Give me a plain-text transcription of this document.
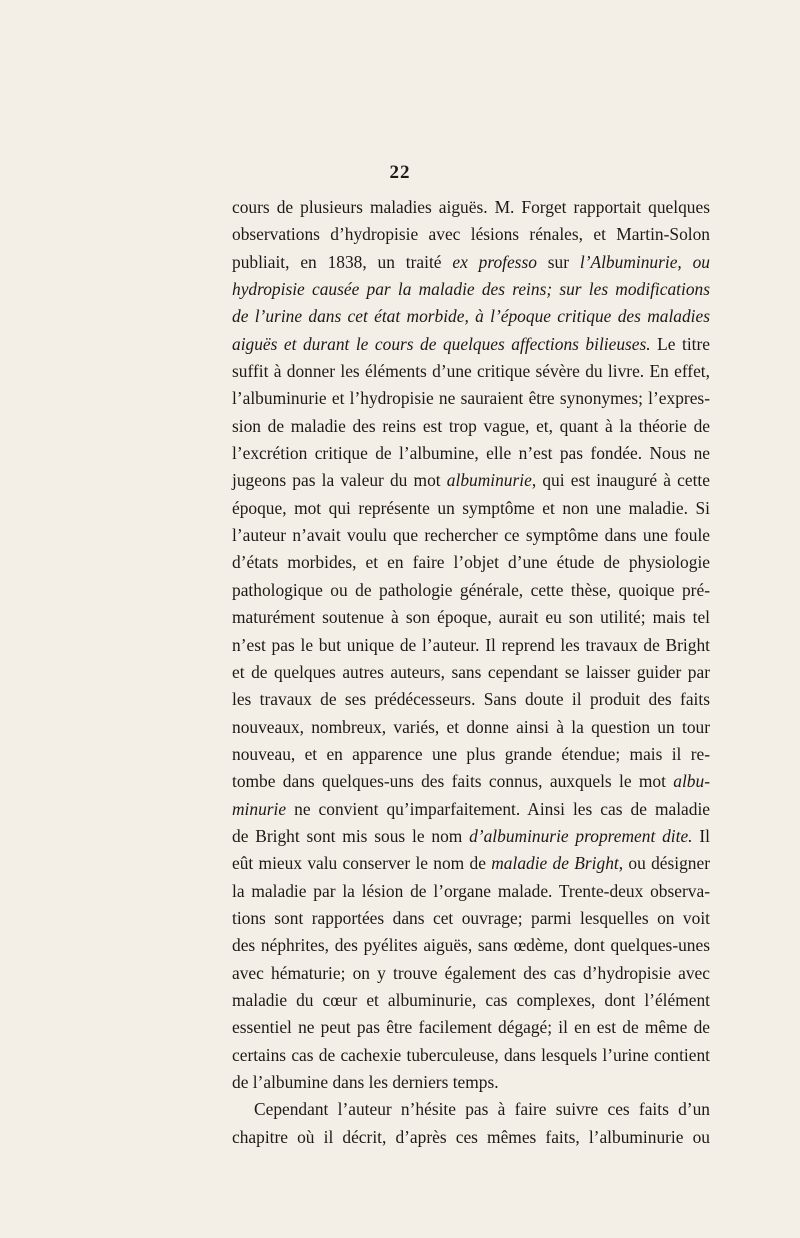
22
cours de plusieurs maladies aiguës. M. Forget rapportait quelques
observations d’hydropisie avec lésions rénales, et Martin-Solon
publiait, en 1838, un traité ex professo sur l’Albuminurie, ou
hydropisie causée par la maladie des reins; sur les modifications
de l’urine dans cet état morbide, à l’époque critique des maladies
aiguës et durant le cours de quelques affections bilieuses. Le titre
suffit à donner les éléments d’une critique sévère du livre. En effet,
l’albuminurie et l’hydropisie ne sauraient être synonymes; l’expres-
sion de maladie des reins est trop vague, et, quant à la théorie de
l’excrétion critique de l’albumine, elle n’est pas fondée. Nous ne
jugeons pas la valeur du mot albuminurie, qui est inauguré à cette
époque, mot qui représente un symptôme et non une maladie. Si
l’auteur n’avait voulu que rechercher ce symptôme dans une foule
d’états morbides, et en faire l’objet d’une étude de physiologie
pathologique ou de pathologie générale, cette thèse, quoique pré-
maturément soutenue à son époque, aurait eu son utilité; mais tel
n’est pas le but unique de l’auteur. Il reprend les travaux de Bright
et de quelques autres auteurs, sans cependant se laisser guider par
les travaux de ses prédécesseurs. Sans doute il produit des faits
nouveaux, nombreux, variés, et donne ainsi à la question un tour
nouveau, et en apparence une plus grande étendue; mais il re-
tombe dans quelques-uns des faits connus, auxquels le mot albu-
minurie ne convient qu’imparfaitement. Ainsi les cas de maladie
de Bright sont mis sous le nom d’albuminurie proprement dite. Il
eût mieux valu conserver le nom de maladie de Bright, ou désigner
la maladie par la lésion de l’organe malade. Trente-deux observa-
tions sont rapportées dans cet ouvrage; parmi lesquelles on voit
des néphrites, des pyélites aiguës, sans œdème, dont quelques-unes
avec hématurie; on y trouve également des cas d’hydropisie avec
maladie du cœur et albuminurie, cas complexes, dont l’élément
essentiel ne peut pas être facilement dégagé; il en est de même de
certains cas de cachexie tuberculeuse, dans lesquels l’urine contient
de l’albumine dans les derniers temps.
Cependant l’auteur n’hésite pas à faire suivre ces faits d’un
chapitre où il décrit, d’après ces mêmes faits, l’albuminurie ou
